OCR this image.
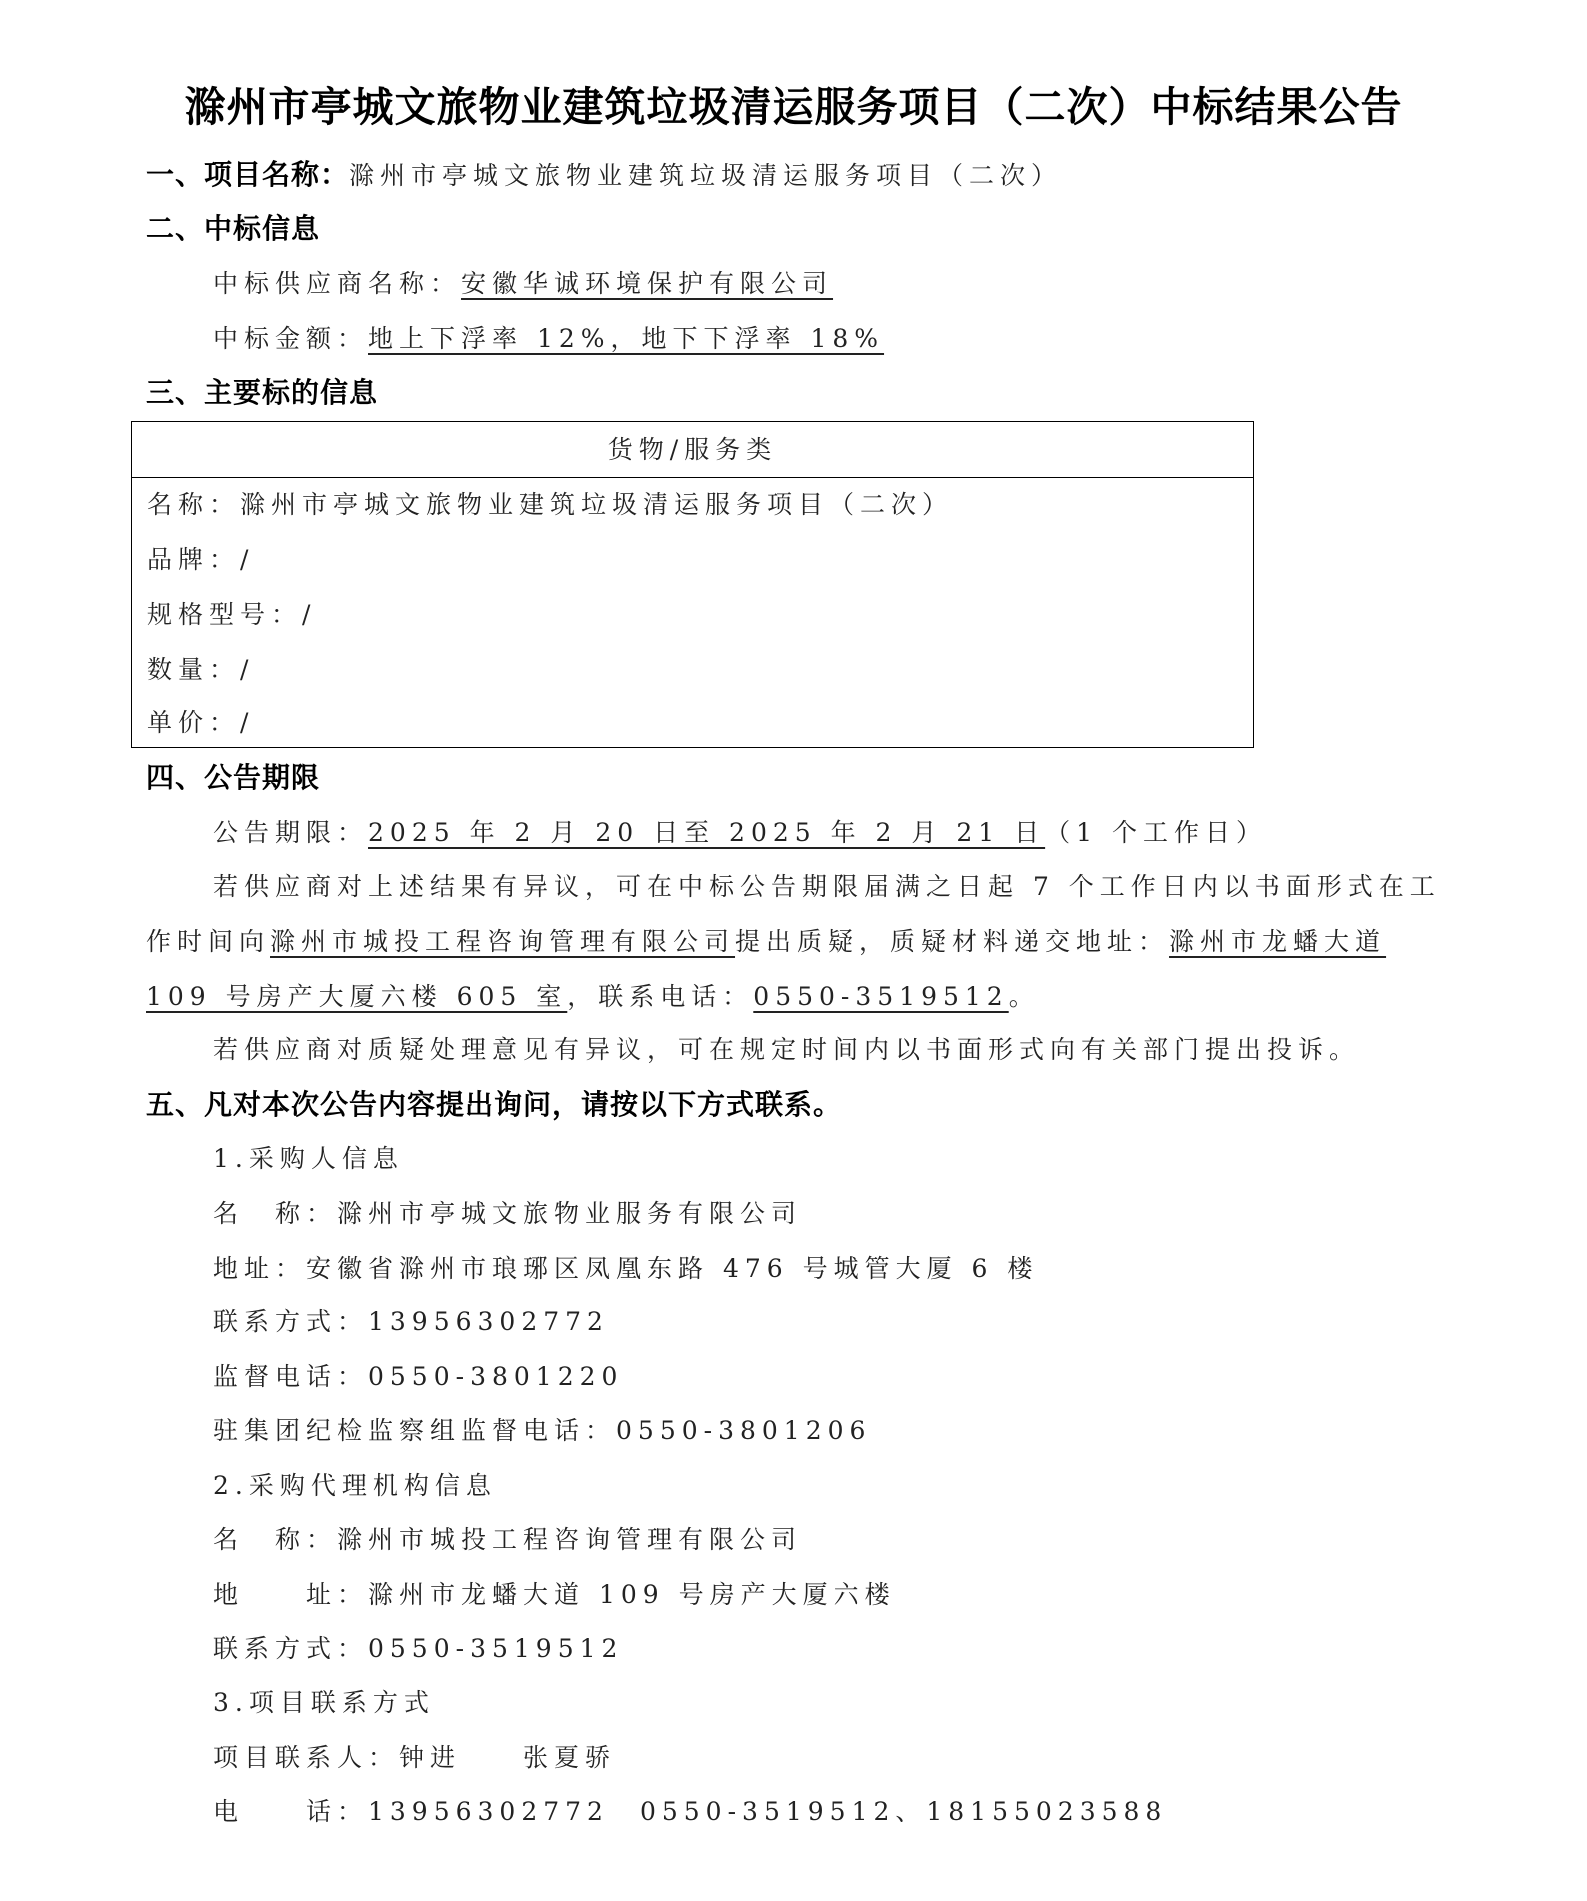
滁州市亭城文旅物业建筑垃圾清运服务项目（二次）中标结果公告
一、项目名称：滁州市亭城文旅物业建筑垃圾清运服务项目（二次）
二、中标信息
中标供应商名称：安徽华诚环境保护有限公司
中标金额：地上下浮率 12%，地下下浮率 18%
三、主要标的信息
货物/服务类
名称：滁州市亭城文旅物业建筑垃圾清运服务项目（二次）
品牌：/
规格型号：/
数量：/
单价：/
四、公告期限
公告期限：2025 年 2 月 20 日至 2025 年 2 月 21 日（1 个工作日）
若供应商对上述结果有异议，可在中标公告期限届满之日起 7 个工作日内以书面形式在工
作时间向滁州市城投工程咨询管理有限公司提出质疑，质疑材料递交地址：滁州市龙蟠大道
109 号房产大厦六楼 605 室，联系电话：0550-3519512。
若供应商对质疑处理意见有异议，可在规定时间内以书面形式向有关部门提出投诉。
五、凡对本次公告内容提出询问，请按以下方式联系。
1.采购人信息
名　称：滁州市亭城文旅物业服务有限公司
地址：安徽省滁州市琅琊区凤凰东路 476 号城管大厦 6 楼
联系方式：13956302772
监督电话：0550-3801220
驻集团纪检监察组监督电话：0550-3801206
2.采购代理机构信息
名　称：滁州市城投工程咨询管理有限公司
地　　址：滁州市龙蟠大道 109 号房产大厦六楼
联系方式：0550-3519512
3.项目联系方式
项目联系人：钟进　　张夏骄
电　　话：13956302772　0550-3519512、18155023588
